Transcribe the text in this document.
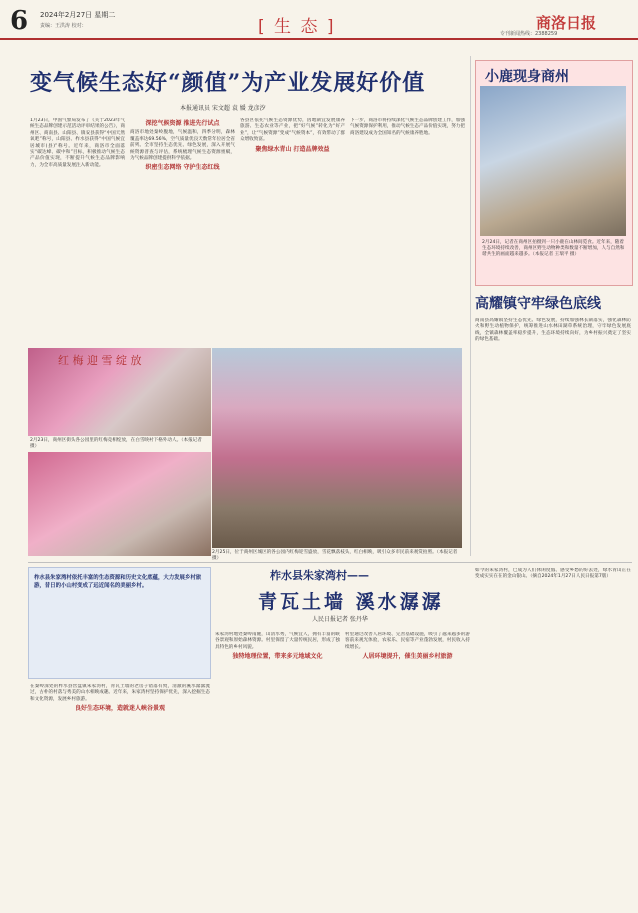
6 2024年2月27日 星期二
责编：王洪涛 校对：	[ 生 态 ]	商洛日报
专刊新闻热线：2388259
变气候生态好“颜值”为产业发展好价值
本报通讯员 宋文超 袁 媛 龙彦汐
1月23日，中国气象局发布了《关于2023年气候生态品牌创建示范活动评审结果的公告》，商州区、商南县、山阳县、镇安县获得“中国天然氧吧”称号，山阳县、柞水县获得“中国气候宜居城市(县)”称号。近年来，商洛市全面落实“碳达峰、碳中和”目标，积极推动气候生态产品价值实现，不断提升气候生态品牌影响力，为全市高质量发展注入新动能。
深挖气候资源 推进先行试点
商洛市地处秦岭腹地，气候温和，四季分明，森林覆盖率达69.56%，空气质量优良天数常年位居全省前列。全市坚持生态优先、绿色发展，深入开展气候资源普查与评估，系统梳理气候生态资源禀赋，为气候品牌创建提供科学依据。
织密生态网络 守护生态红线
各县区依托气候生态资源优势，因地制宜发展康养旅游、生态农业等产业，把“好气候”转化为“好产业”，让“气候资源”变成“气候资本”，有效带动了群众增收致富。
聚焦绿水青山 打造品牌效益
下一步，商洛市将持续深化气候生态品牌创建工作，加强气候资源保护利用，推动气候生态产品价值实现，努力把商洛建设成为全国知名的气候康养胜地。
小鹿现身商州
2月24日，记者在商州区拍摄到一只小鹿在山林间觅食。近年来，随着生态环境持续改善，商州区野生动物种类和数量不断增加，人与自然和谐共生的画面越来越多。（本报记者 王瑞平 摄）
高耀镇守牢绿色底线
商南县高耀镇坚持生态优先、绿色发展，持续加强林长制落实，强化森林防火和野生动植物保护，统筹推进山水林田湖草系统治理，守牢绿色发展底线，全镇森林覆盖率稳步提升，生态环境持续向好，为乡村振兴奠定了坚实的绿色基础。
红 梅 迎 雪 绽 放
2月23日，商州区街头各公园里的红梅竞相绽放，在白雪映衬下格外动人。（本报记者 摄）
2月25日，位于商州区城区的各公园内红梅迎雪盛放，雪花飘落枝头，红白相映，吸引众多市民前来观赏拍照。（本报记者 摄）
柞水县朱家湾村依托丰富的生态资源和历史文化底蕴，大力发展乡村旅游，昔日的小山村变成了远近闻名的美丽乡村。
柞水县朱家湾村——
青瓦土墙 溪水潺潺
人民日报记者 张丹华
在秦岭深处的柞水县营盘镇朱家湾村，青瓦土墙的老房子错落有致，清澈的溪水潺潺流过，古朴的村落与秀美的山水相映成趣。近年来，朱家湾村坚持保护优先，深入挖掘生态和文化资源，发展乡村旅游。
良好生态环境，造就迷人峡谷景观
朱家湾村地处秦岭南麓，山清水秀，气候宜人，拥有丰富的峡谷景观和原始森林资源。村里保留了大量传统民居，形成了独具特色的乡村风貌。
独特地理位置，带来多元地域文化
村里通过改善人居环境、完善基础设施，吸引了越来越多的游客前来观光体验，农家乐、民宿等产业蓬勃发展，村民收入持续增长。
人居环境提升，催生美丽乡村旅游
如今的朱家湾村，已成为人们休闲度假、感受乡愁的好去处，绿水青山正在变成实实在在的金山银山。（摘自2024年1月27日人民日报第7版）
